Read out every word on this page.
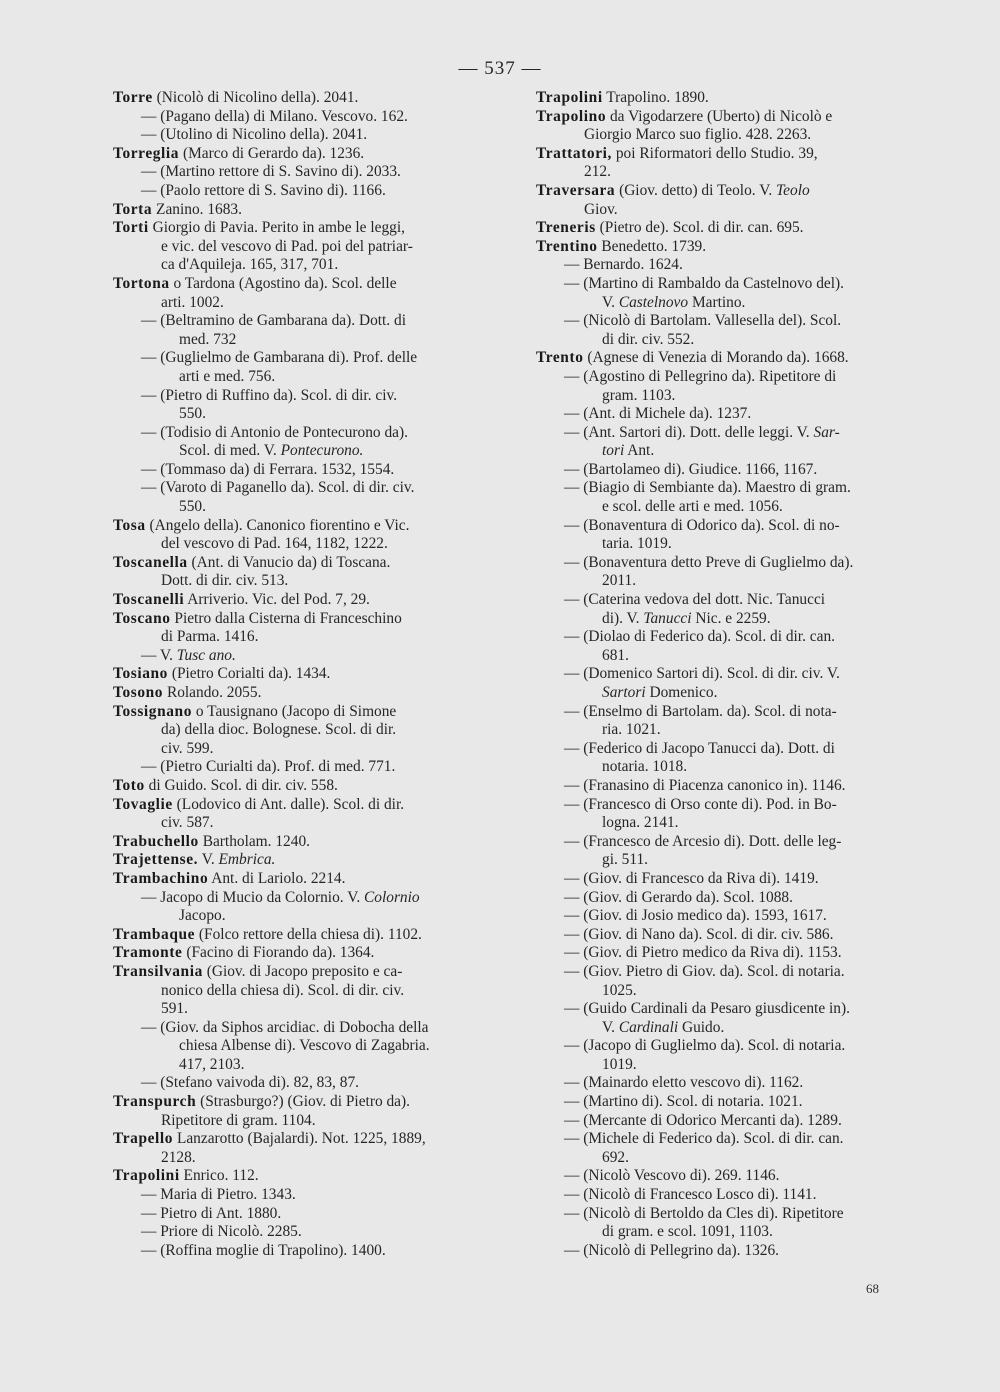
— 537 —
Torre (Nicolò di Nicolino della). 2041.
— (Pagano della) di Milano. Vescovo. 162.
— (Utolino di Nicolino della). 2041.
Torreglia (Marco di Gerardo da). 1236.
— (Martino rettore di S. Savino di). 2033.
— (Paolo rettore di S. Savino di). 1166.
Torta Zanino. 1683.
Torti Giorgio di Pavia. Perito in ambe le leggi,
e vic. del vescovo di Pad. poi del patriar-
ca d'Aquileja. 165, 317, 701.
Tortona o Tardona (Agostino da). Scol. delle
arti. 1002.
— (Beltramino de Gambarana da). Dott. di
med. 732
— (Guglielmo de Gambarana di). Prof. delle
arti e med. 756.
— (Pietro di Ruffino da). Scol. di dir. civ.
550.
— (Todisio di Antonio de Pontecurono da).
Scol. di med. V. Pontecurono.
— (Tommaso da) di Ferrara. 1532, 1554.
— (Varoto di Paganello da). Scol. di dir. civ.
550.
Tosa (Angelo della). Canonico fiorentino e Vic.
del vescovo di Pad. 164, 1182, 1222.
Toscanella (Ant. di Vanucio da) di Toscana.
Dott. di dir. civ. 513.
Toscanelli Arriverio. Vic. del Pod. 7, 29.
Toscano Pietro dalla Cisterna di Franceschino
di Parma. 1416.
— V. Tusc ano.
Tosiano (Pietro Corialti da). 1434.
Tosono Rolando. 2055.
Tossignano o Tausignano (Jacopo di Simone
da) della dioc. Bolognese. Scol. di dir.
civ. 599.
— (Pietro Curialti da). Prof. di med. 771.
Toto di Guido. Scol. di dir. civ. 558.
Tovaglie (Lodovico di Ant. dalle). Scol. di dir.
civ. 587.
Trabuchello Bartholam. 1240.
Trajettense. V. Embrica.
Trambachino Ant. di Lariolo. 2214.
— Jacopo di Mucio da Colornio. V. Colornio
Jacopo.
Trambaque (Folco rettore della chiesa di). 1102.
Tramonte (Facino di Fiorando da). 1364.
Transilvania (Giov. di Jacopo preposito e ca-
nonico della chiesa di). Scol. di dir. civ.
591.
— (Giov. da Siphos arcidiac. di Dobocha della
chiesa Albense di). Vescovo di Zagabria.
417, 2103.
— (Stefano vaivoda di). 82, 83, 87.
Transpurch (Strasburgo?) (Giov. di Pietro da).
Ripetitore di gram. 1104.
Trapello Lanzarotto (Bajalardi). Not. 1225, 1889,
2128.
Trapolini Enrico. 112.
— Maria di Pietro. 1343.
— Pietro di Ant. 1880.
— Priore di Nicolò. 2285.
— (Roffina moglie di Trapolino). 1400.
Trapolini Trapolino. 1890.
Trapolino da Vigodarzere (Uberto) di Nicolò e
Giorgio Marco suo figlio. 428. 2263.
Trattatori, poi Riformatori dello Studio. 39,
212.
Traversara (Giov. detto) di Teolo. V. Teolo
Giov.
Treneris (Pietro de). Scol. di dir. can. 695.
Trentino Benedetto. 1739.
— Bernardo. 1624.
— (Martino di Rambaldo da Castelnovo del).
V. Castelnovo Martino.
— (Nicolò di Bartolam. Vallesella del). Scol.
di dir. civ. 552.
Trento (Agnese di Venezia di Morando da). 1668.
— (Agostino di Pellegrino da). Ripetitore di
gram. 1103.
— (Ant. di Michele da). 1237.
— (Ant. Sartori di). Dott. delle leggi. V. Sar-
tori Ant.
— (Bartolameo di). Giudice. 1166, 1167.
— (Biagio di Sembiante da). Maestro di gram.
e scol. delle arti e med. 1056.
— (Bonaventura di Odorico da). Scol. di no-
taria. 1019.
— (Bonaventura detto Preve di Guglielmo da).
2011.
— (Caterina vedova del dott. Nic. Tanucci
di). V. Tanucci Nic. e 2259.
— (Diolao di Federico da). Scol. di dir. can.
681.
— (Domenico Sartori di). Scol. di dir. civ. V.
Sartori Domenico.
— (Enselmo di Bartolam. da). Scol. di nota-
ria. 1021.
— (Federico di Jacopo Tanucci da). Dott. di
notaria. 1018.
— (Franasino di Piacenza canonico in). 1146.
— (Francesco di Orso conte di). Pod. in Bo-
logna. 2141.
— (Francesco de Arcesio di). Dott. delle leg-
gi. 511.
— (Giov. di Francesco da Riva di). 1419.
— (Giov. di Gerardo da). Scol. 1088.
— (Giov. di Josio medico da). 1593, 1617.
— (Giov. di Nano da). Scol. di dir. civ. 586.
— (Giov. di Pietro medico da Riva di). 1153.
— (Giov. Pietro di Giov. da). Scol. di notaria.
1025.
— (Guido Cardinali da Pesaro giusdicente in).
V. Cardinali Guido.
— (Jacopo di Guglielmo da). Scol. di notaria.
1019.
— (Mainardo eletto vescovo di). 1162.
— (Martino di). Scol. di notaria. 1021.
— (Mercante di Odorico Mercanti da). 1289.
— (Michele di Federico da). Scol. di dir. can.
692.
— (Nicolò Vescovo di). 269. 1146.
— (Nicolò di Francesco Losco di). 1141.
— (Nicolò di Bertoldo da Cles di). Ripetitore
di gram. e scol. 1091, 1103.
— (Nicolò di Pellegrino da). 1326.
68
